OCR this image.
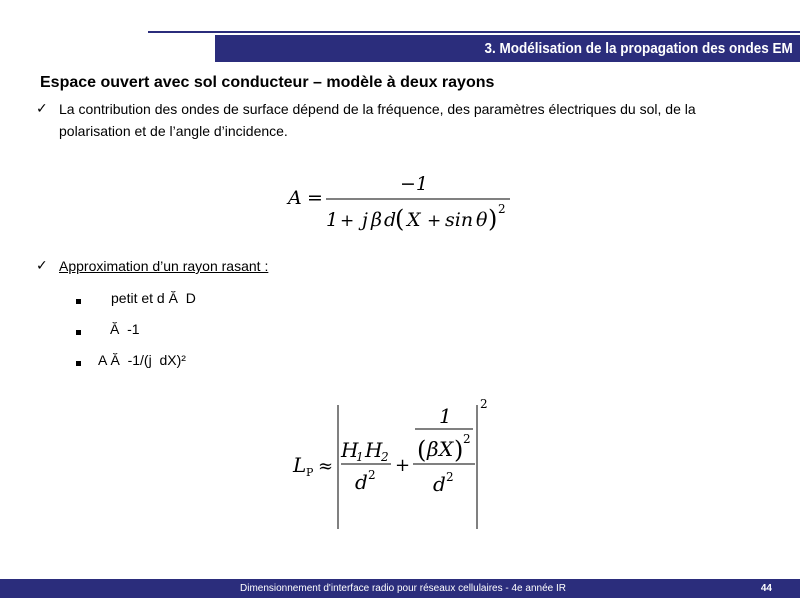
3. Modélisation de la propagation des ondes EM
Espace ouvert avec sol conducteur – modèle à deux rayons
✓ La contribution des ondes de surface dépend de la fréquence, des paramètres électriques du sol, de la polarisation et de l’angle d’incidence.
A =
−1
1 + j β d
( X + sin θ ) 2
✓ Approximation d’un rayon rasant :
petit et d Ă  D
Ă  -1
A Ă  -1/(j  dX)²
L P ≈
H
1 H
2
d 2 +
1
( β X ) 2
d 2
2
Dimensionnement d'interface radio pour réseaux cellulaires - 4e année IR	44
